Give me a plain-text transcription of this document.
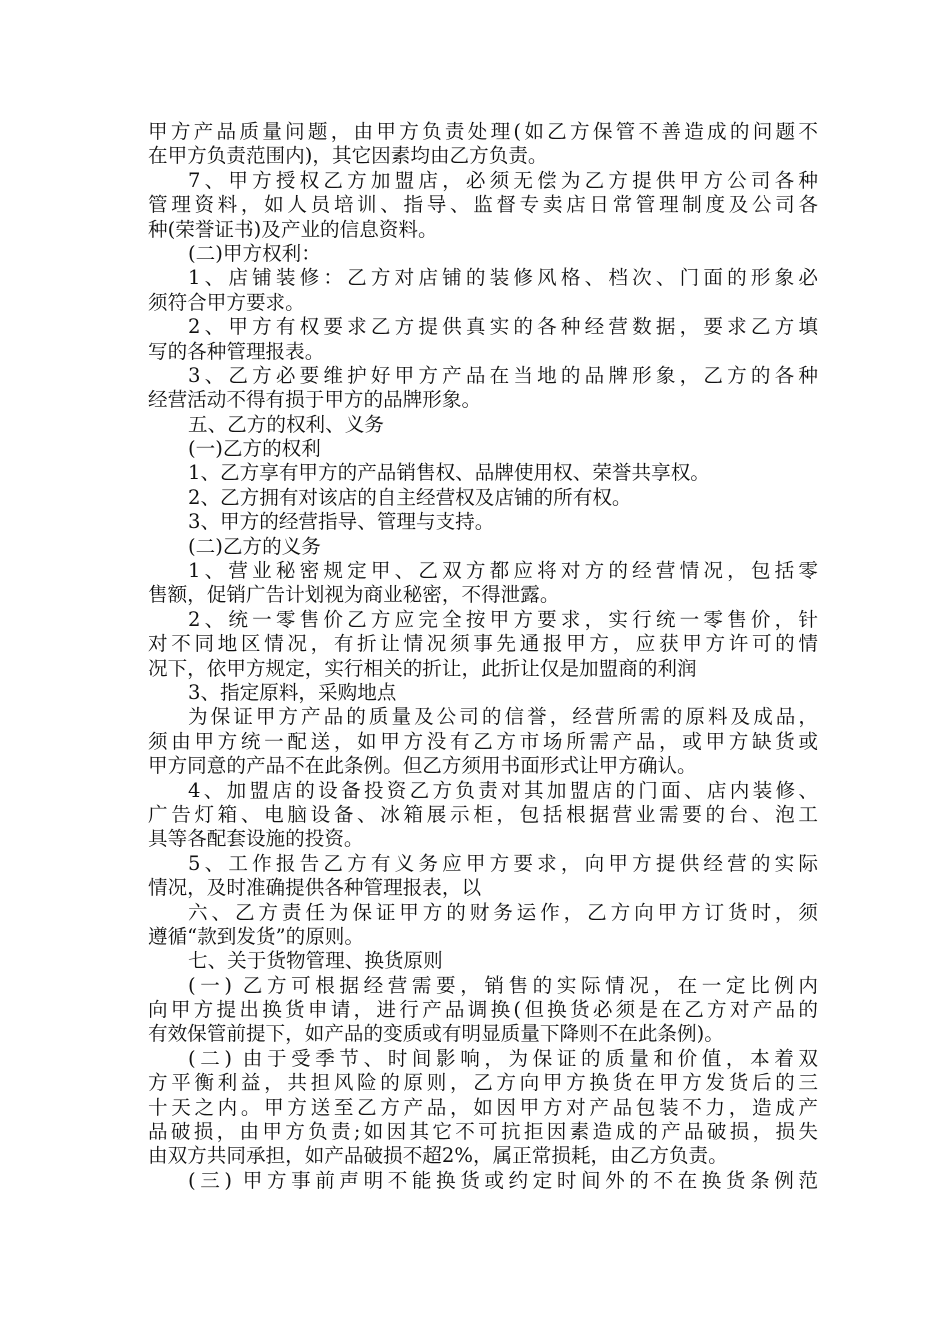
甲方产品质量问题，由甲方负责处理(如乙方保管不善造成的问题不
在甲方负责范围内)，其它因素均由乙方负责。
7、甲方授权乙方加盟店，必须无偿为乙方提供甲方公司各种
管理资料，如人员培训、指导、监督专卖店日常管理制度及公司各
种(荣誉证书)及产业的信息资料。
(二)甲方权利：
1、店铺装修：乙方对店铺的装修风格、档次、门面的形象必
须符合甲方要求。
2、甲方有权要求乙方提供真实的各种经营数据，要求乙方填
写的各种管理报表。
3、乙方必要维护好甲方产品在当地的品牌形象，乙方的各种
经营活动不得有损于甲方的品牌形象。
五、乙方的权利、义务
(一)乙方的权利
1、乙方享有甲方的产品销售权、品牌使用权、荣誉共享权。
2、乙方拥有对该店的自主经营权及店铺的所有权。
3、甲方的经营指导、管理与支持。
(二)乙方的义务
1、营业秘密规定甲、乙双方都应将对方的经营情况，包括零
售额，促销广告计划视为商业秘密，不得泄露。
2、统一零售价乙方应完全按甲方要求，实行统一零售价，针
对不同地区情况，有折让情况须事先通报甲方，应获甲方许可的情
况下，依甲方规定，实行相关的折让，此折让仅是加盟商的利润
3、指定原料，采购地点
为保证甲方产品的质量及公司的信誉，经营所需的原料及成品，
须由甲方统一配送，如甲方没有乙方市场所需产品，或甲方缺货或
甲方同意的产品不在此条例。但乙方须用书面形式让甲方确认。
4、加盟店的设备投资乙方负责对其加盟店的门面、店内装修、
广告灯箱、电脑设备、冰箱展示柜，包括根据营业需要的台、泡工
具等各配套设施的投资。
5、工作报告乙方有义务应甲方要求，向甲方提供经营的实际
情况，及时准确提供各种管理报表，以
六、乙方责任为保证甲方的财务运作，乙方向甲方订货时，须
遵循“款到发货”的原则。
七、关于货物管理、换货原则
(一) 乙方可根据经营需要，销售的实际情况，在一定比例内
向甲方提出换货申请，进行产品调换(但换货必须是在乙方对产品的
有效保管前提下，如产品的变质或有明显质量下降则不在此条例)。
(二) 由于受季节、时间影响，为保证的质量和价值，本着双
方平衡利益，共担风险的原则，乙方向甲方换货在甲方发货后的三
十天之内。甲方送至乙方产品，如因甲方对产品包装不力，造成产
品破损，由甲方负责;如因其它不可抗拒因素造成的产品破损，损失
由双方共同承担，如产品破损不超2%，属正常损耗，由乙方负责。
(三) 甲方事前声明不能换货或约定时间外的不在换货条例范
